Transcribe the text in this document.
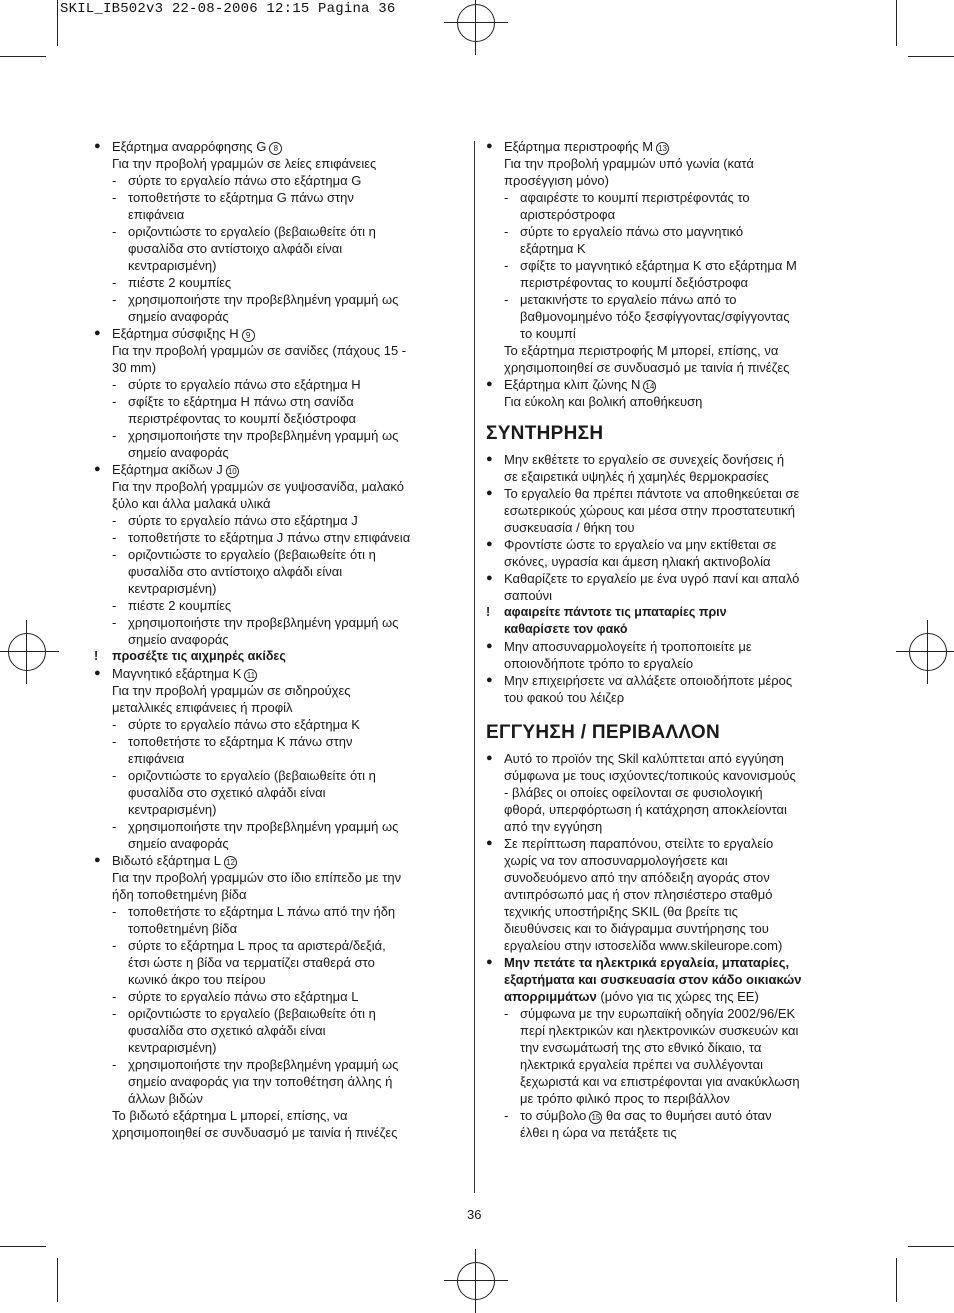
SKIL_IB502v3 22-08-2006 12:15 Pagina 36
● Εξάρτημα αναρρόφησης G 8
Για την προβολή γραμμών σε λείες επιφάνειες
- σύρτε το εργαλείο πάνω στο εξάρτημα G
- τοποθετήστε το εξάρτημα G πάνω στην
επιφάνεια
- οριζοντιώστε το εργαλείο (βεβαιωθείτε ότι η
φυσαλίδα στο αντίστοιχο αλφάδι είναι
κεντραρισμένη)
- πιέστε 2 κουμπίες
- χρησιμοποιήστε την προβεβλημένη γραμμή ως
σημείο αναφοράς
● Εξάρτημα σύσφιξης H 9
Για την προβολή γραμμών σε σανίδες (πάχους 15 -
30 mm)
- σύρτε το εργαλείο πάνω στο εξάρτημα H
- σφίξτε το εξάρτημα H πάνω στη σανίδα
περιστρέφοντας το κουμπί δεξιόστροφα
- χρησιμοποιήστε την προβεβλημένη γραμμή ως
σημείο αναφοράς
● Εξάρτημα ακίδων J 10
Για την προβολή γραμμών σε γυψοσανίδα, μαλακό
ξύλο και άλλα μαλακά υλικά
- σύρτε το εργαλείο πάνω στο εξάρτημα J
- τοποθετήστε το εξάρτημα J πάνω στην επιφάνεια
- οριζοντιώστε το εργαλείο (βεβαιωθείτε ότι η
φυσαλίδα στο αντίστοιχο αλφάδι είναι
κεντραρισμένη)
- πιέστε 2 κουμπίες
- χρησιμοποιήστε την προβεβλημένη γραμμή ως
σημείο αναφοράς
! προσέξτε τις αιχμηρές ακίδες
● Μαγνητικό εξάρτημα K 11
Για την προβολή γραμμών σε σιδηρούχες
μεταλλικές επιφάνειες ή προφίλ
- σύρτε το εργαλείο πάνω στο εξάρτημα K
- τοποθετήστε το εξάρτημα K πάνω στην
επιφάνεια
- οριζοντιώστε το εργαλείο (βεβαιωθείτε ότι η
φυσαλίδα στο σχετικό αλφάδι είναι
κεντραρισμένη)
- χρησιμοποιήστε την προβεβλημένη γραμμή ως
σημείο αναφοράς
● Βιδωτό εξάρτημα L 12
Για την προβολή γραμμών στο ίδιο επίπεδο με την
ήδη τοποθετημένη βίδα
- τοποθετήστε το εξάρτημα L πάνω από την ήδη
τοποθετημένη βίδα
- σύρτε το εξάρτημα L προς τα αριστερά/δεξιά,
έτσι ώστε η βίδα να τερματίζει σταθερά στο
κωνικό άκρο του πείρου
- σύρτε το εργαλείο πάνω στο εξάρτημα L
- οριζοντιώστε το εργαλείο (βεβαιωθείτε ότι η
φυσαλίδα στο σχετικό αλφάδι είναι
κεντραρισμένη)
- χρησιμοποιήστε την προβεβλημένη γραμμή ως
σημείο αναφοράς για την τοποθέτηση άλλης ή
άλλων βιδών
Το βιδωτό εξάρτημα L μπορεί, επίσης, να
χρησιμοποιηθεί σε συνδυασμό με ταινία ή πινέζες
● Εξάρτημα περιστροφής M 13
Για την προβολή γραμμών υπό γωνία (κατά
προσέγγιση μόνο)
- αφαιρέστε το κουμπί περιστρέφοντάς το
αριστερόστροφα
- σύρτε το εργαλείο πάνω στο μαγνητικό
εξάρτημα K
- σφίξτε το μαγνητικό εξάρτημα K στο εξάρτημα M
περιστρέφοντας το κουμπί δεξιόστροφα
- μετακινήστε το εργαλείο πάνω από το
βαθμονομημένο τόξο ξεσφίγγοντας/σφίγγοντας
το κουμπί
Το εξάρτημα περιστροφής M μπορεί, επίσης, να
χρησιμοποιηθεί σε συνδυασμό με ταινία ή πινέζες
● Εξάρτημα κλιπ ζώνης N 14
Για εύκολη και βολική αποθήκευση
ΣΥΝΤΗΡΗΣΗ
● Μην εκθέτετε το εργαλείο σε συνεχείς δονήσεις ή
σε εξαιρετικά υψηλές ή χαμηλές θερμοκρασίες
● Το εργαλείο θα πρέπει πάντοτε να αποθηκεύεται σε
εσωτερικούς χώρους και μέσα στην προστατευτική
συσκευασία / θήκη του
● Φροντίστε ώστε το εργαλείο να μην εκτίθεται σε
σκόνες, υγρασία και άμεση ηλιακή ακτινοβολία
● Καθαρίζετε το εργαλείο με ένα υγρό πανί και απαλό
σαπούνι
! αφαιρείτε πάντοτε τις μπαταρίες πριν
καθαρίσετε τον φακό
● Μην αποσυναρμολογείτε ή τροποποιείτε με
οποιονδήποτε τρόπο το εργαλείο
● Μην επιχειρήσετε να αλλάξετε οποιοδήποτε μέρος
του φακού του λέιζερ
ΕΓΓΥΗΣΗ / ΠΕΡΙΒΑΛΛΟΝ
● Αυτό το προϊόν της Skil καλύπτεται από εγγύηση
σύμφωνα με τους ισχύοντες/τοπικούς κανονισμούς
- βλάβες οι οποίες οφείλονται σε φυσιολογική
φθορά, υπερφόρτωση ή κατάχρηση αποκλείονται
από την εγγύηση
● Σε περίπτωση παραπόνου, στείλτε το εργαλείο
χωρίς να τον αποσυναρμολογήσετε και
συνοδευόμενο από την απόδειξη αγοράς στον
αντιπρόσωπό μας ή στον πλησιέστερο σταθμό
τεχνικής υποστήριξης SKIL (θα βρείτε τις
διευθύνσεις και το διάγραμμα συντήρησης του
εργαλείου στην ιστοσελίδα www.skileurope.com)
● Μην πετάτε τα ηλεκτρικά εργαλεία, μπαταρίες,
εξαρτήματα και συσκευασία στον κάδο οικιακών
απορριμμάτων (μόνο για τις χώρες της ΕΕ)
- σύμφωνα με την ευρωπαϊκή οδηγία 2002/96/ΕΚ
περί ηλεκτρικών και ηλεκτρονικών συσκευών και
την ενσωμάτωσή της στο εθνικό δίκαιο, τα
ηλεκτρικά εργαλεία πρέπει να συλλέγονται
ξεχωριστά και να επιστρέφονται για ανακύκλωση
με τρόπο φιλικό προς το περιβάλλον
- το σύμβολο 15 θα σας το θυμήσει αυτό όταν
έλθει η ώρα να πετάξετε τις
36
